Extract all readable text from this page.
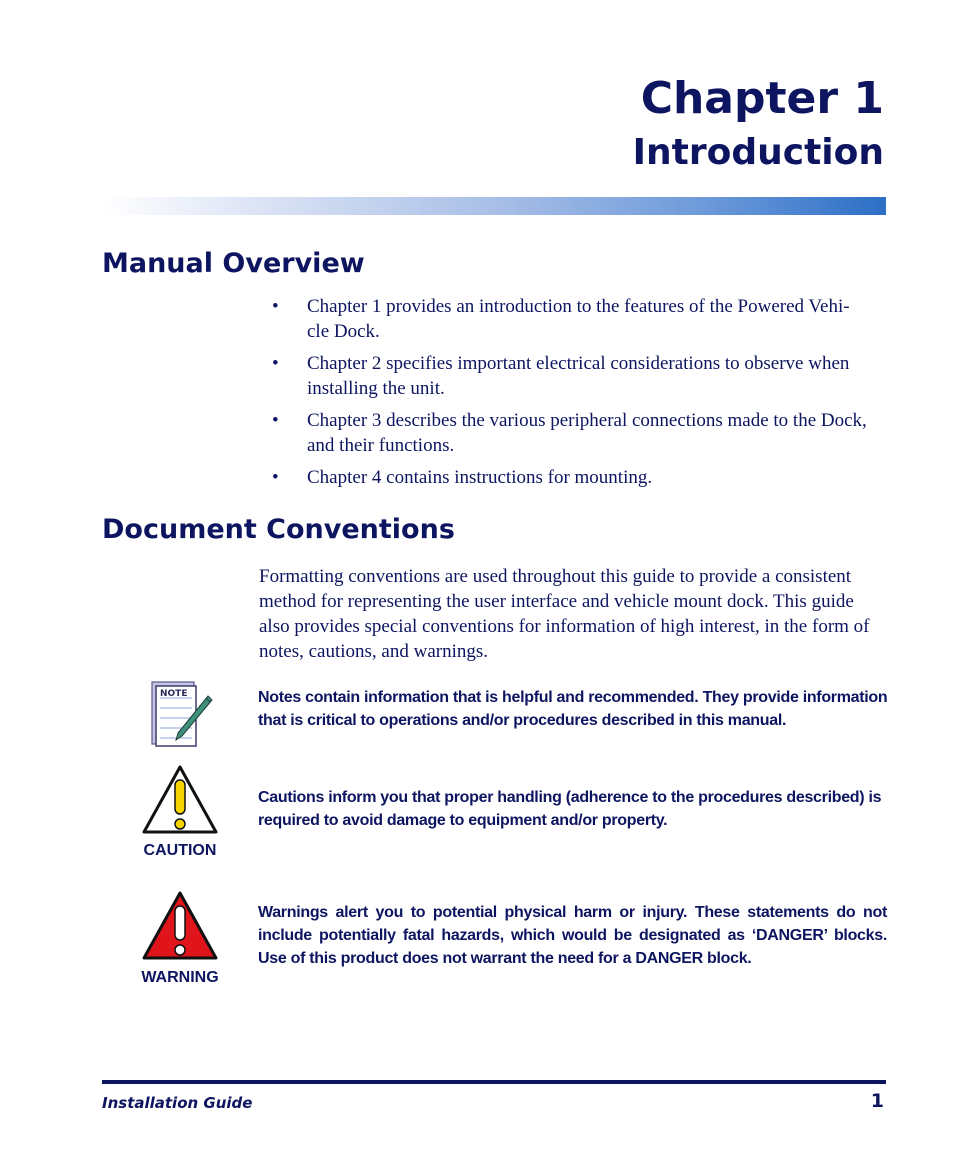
Chapter 1
Introduction
Manual Overview
•	Chapter 1 provides an introduction to the features of the Powered Vehi-
cle Dock.
•	Chapter 2 specifies important electrical considerations to observe when installing the unit.
•	Chapter 3 describes the various peripheral connections made to the Dock, and their functions.
•	Chapter 4 contains instructions for mounting.
Document Conventions

Formatting conventions are used throughout this guide to provide a consistent method for representing the user interface and vehicle mount dock. This guide also provides special conventions for information of high interest, in the form of notes, cautions, and warnings.

NOTE	Notes contain information that is helpful and recommended. They provide information that is critical to operations and/or procedures described in this manual.
CAUTION
Cautions inform you that proper handling (adherence to the procedures described) is required to avoid damage to equipment and/or property.
WARNING
Warnings alert you to potential physical harm or injury. These statements do not include potentially fatal hazards, which would be designated as ‘DANGER’ blocks. Use of this product does not warrant the need for a DANGER block.
Installation Guide	1
